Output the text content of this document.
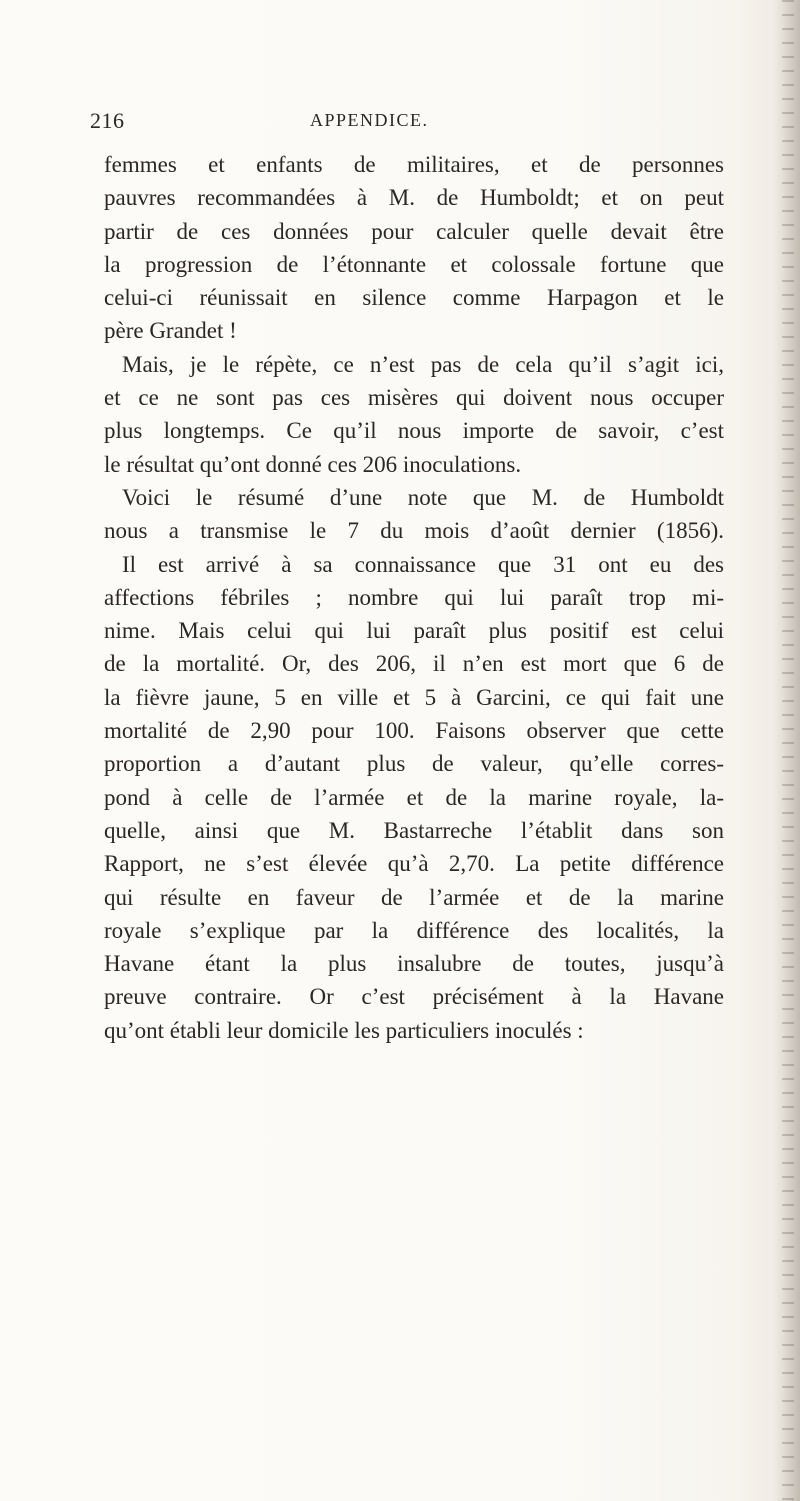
216	APPENDICE.
femmes et enfants de militaires, et de personnes
pauvres recommandées à M. de Humboldt; et on peut
partir de ces données pour calculer quelle devait être
la progression de l’étonnante et colossale fortune que
celui-ci réunissait en silence comme Harpagon et le
père Grandet !
Mais, je le répète, ce n’est pas de cela qu’il s’agit ici,
et ce ne sont pas ces misères qui doivent nous occuper
plus longtemps. Ce qu’il nous importe de savoir, c’est
le résultat qu’ont donné ces 206 inoculations.
Voici le résumé d’une note que M. de Humboldt
nous a transmise le 7 du mois d’août dernier (1856).
Il est arrivé à sa connaissance que 31 ont eu des
affections fébriles ; nombre qui lui paraît trop mi-
nime. Mais celui qui lui paraît plus positif est celui
de la mortalité. Or, des 206, il n’en est mort que 6 de
la fièvre jaune, 5 en ville et 5 à Garcini, ce qui fait une
mortalité de 2,90 pour 100. Faisons observer que cette
proportion a d’autant plus de valeur, qu’elle corres-
pond à celle de l’armée et de la marine royale, la-
quelle, ainsi que M. Bastarreche l’établit dans son
Rapport, ne s’est élevée qu’à 2,70. La petite différence
qui résulte en faveur de l’armée et de la marine
royale s’explique par la différence des localités, la
Havane étant la plus insalubre de toutes, jusqu’à
preuve contraire. Or c’est précisément à la Havane
qu’ont établi leur domicile les particuliers inoculés :
